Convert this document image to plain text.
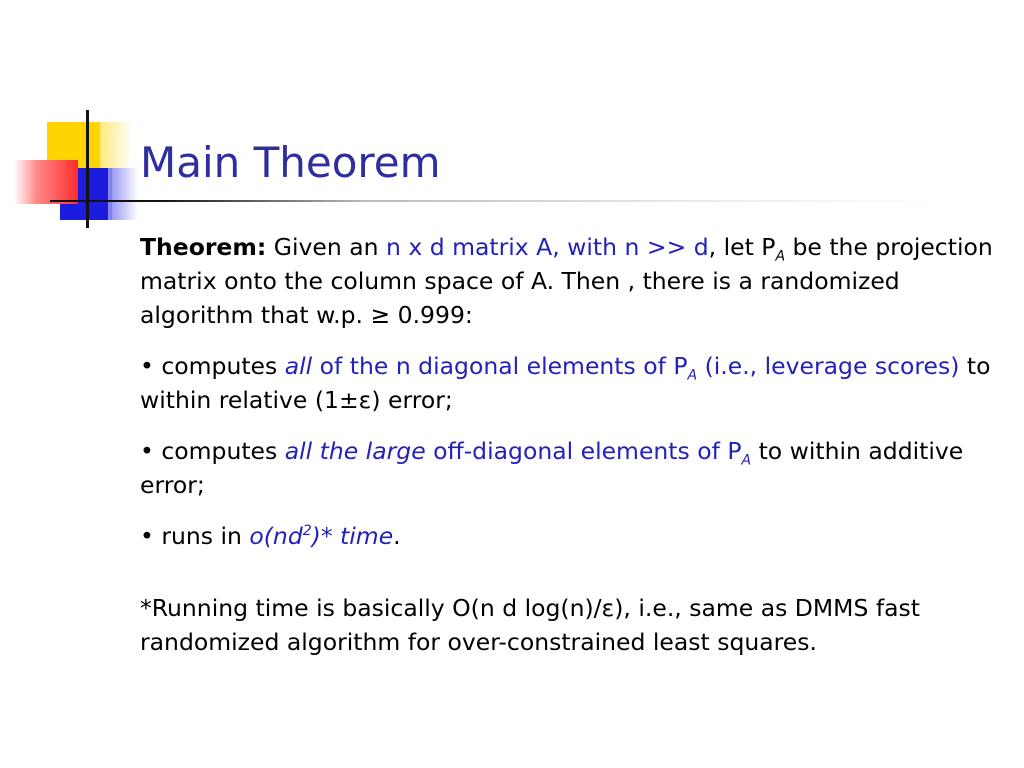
Main Theorem

Theorem: Given an n x d matrix A, with n >> d, let $P_A$ be the projection matrix onto the column space of A. Then , there is a randomized algorithm that w.p. ≥ 0.999:

• computes all of the n diagonal elements of $P_A$ (i.e., leverage scores) to within relative (1±ε) error;

• computes all the large off-diagonal elements of $P_A$ to within additive error;

• runs in $o(nd^2)*$ time.

*Running time is basically O(n d log(n)/ε), i.e., same as DMMS fast randomized algorithm for over-constrained least squares.
